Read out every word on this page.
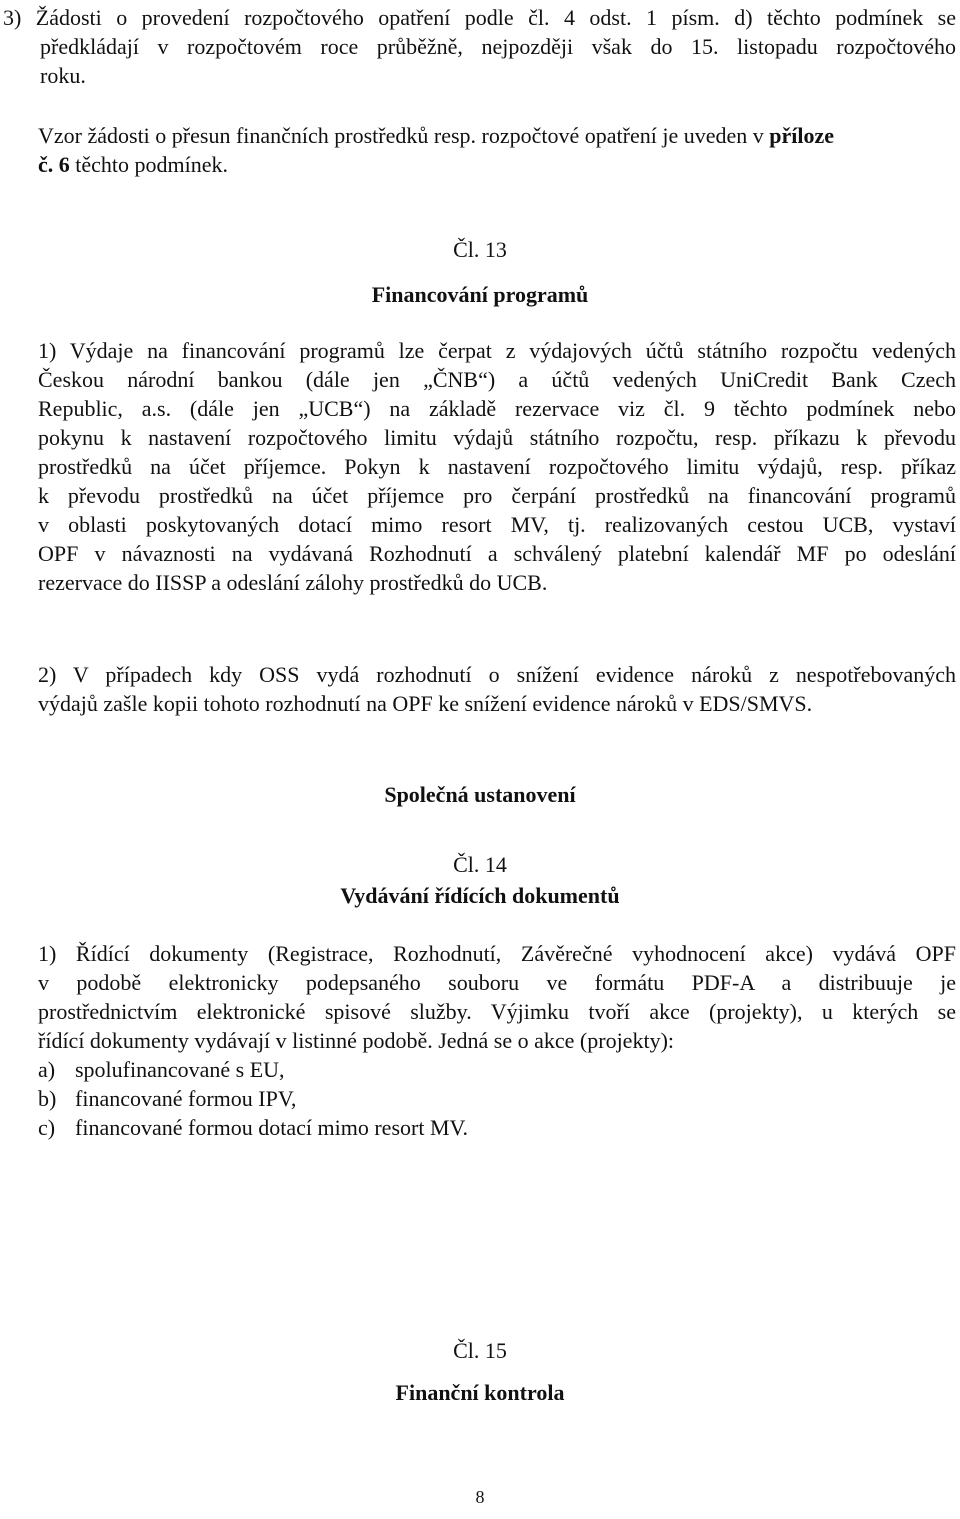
3) Žádosti o provedení rozpočtového opatření podle čl. 4 odst. 1 písm. d) těchto podmínek se
předkládají v rozpočtovém roce průběžně, nejpozději však do 15. listopadu rozpočtového
roku.
Vzor žádosti o přesun finančních prostředků resp. rozpočtové opatření je uveden v příloze
č. 6 těchto podmínek.
Čl. 13
Financování programů
1) Výdaje na financování programů lze čerpat z výdajových účtů státního rozpočtu vedených
Českou národní bankou (dále jen „ČNB“) a účtů vedených UniCredit Bank Czech
Republic, a.s. (dále jen „UCB“) na základě rezervace viz čl. 9 těchto podmínek nebo
pokynu k nastavení rozpočtového limitu výdajů státního rozpočtu, resp. příkazu k převodu
prostředků na účet příjemce. Pokyn k nastavení rozpočtového limitu výdajů, resp. příkaz
k převodu prostředků na účet příjemce pro čerpání prostředků na financování programů
v oblasti poskytovaných dotací mimo resort MV, tj. realizovaných cestou UCB, vystaví
OPF v návaznosti na vydávaná Rozhodnutí a schválený platební kalendář MF po odeslání
rezervace do IISSP a odeslání zálohy prostředků do UCB.
2) V případech kdy OSS vydá rozhodnutí o snížení evidence nároků z nespotřebovaných
výdajů zašle kopii tohoto rozhodnutí na OPF ke snížení evidence nároků v EDS/SMVS.
Společná ustanovení
Čl. 14
Vydávání řídících dokumentů
1) Řídící dokumenty (Registrace, Rozhodnutí, Závěrečné vyhodnocení akce) vydává OPF
v podobě elektronicky podepsaného souboru ve formátu PDF-A a distribuuje je
prostřednictvím elektronické spisové služby. Výjimku tvoří akce (projekty), u kterých se
řídící dokumenty vydávají v listinné podobě. Jedná se o akce (projekty):
a) spolufinancované s EU,
b) financované formou IPV,
c) financované formou dotací mimo resort MV.
Čl. 15
Finanční kontrola
8
